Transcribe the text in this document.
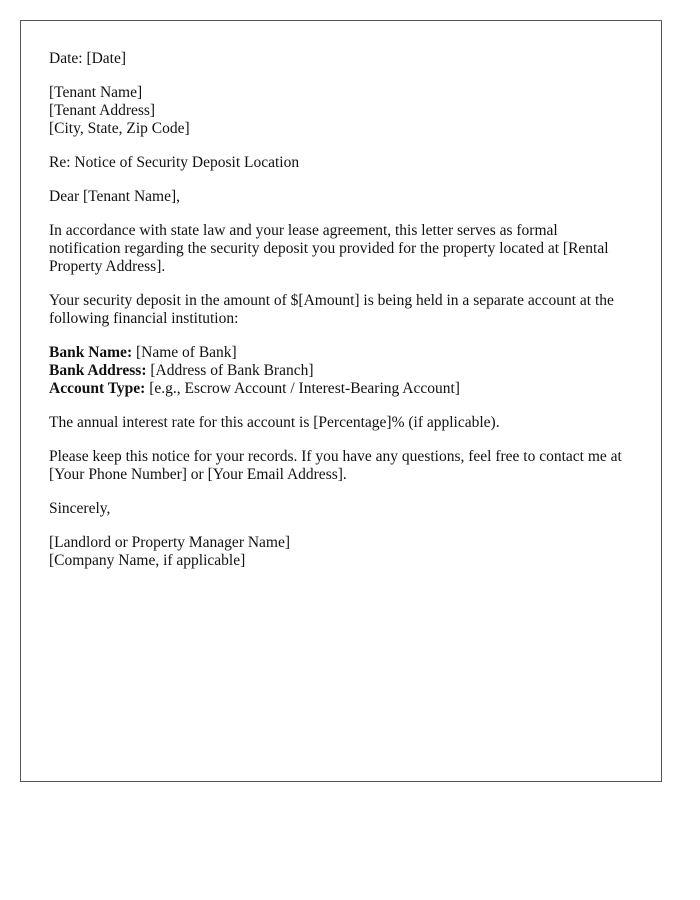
Date: [Date]

[Tenant Name]
[Tenant Address]
[City, State, Zip Code]

Re: Notice of Security Deposit Location

Dear [Tenant Name],

In accordance with state law and your lease agreement, this letter serves as formal notification regarding the security deposit you provided for the property located at [Rental Property Address].

Your security deposit in the amount of $[Amount] is being held in a separate account at the following financial institution:

Bank Name: [Name of Bank]
Bank Address: [Address of Bank Branch]
Account Type: [e.g., Escrow Account / Interest-Bearing Account]

The annual interest rate for this account is [Percentage]% (if applicable).

Please keep this notice for your records. If you have any questions, feel free to contact me at [Your Phone Number] or [Your Email Address].

Sincerely,

[Landlord or Property Manager Name]
[Company Name, if applicable]
